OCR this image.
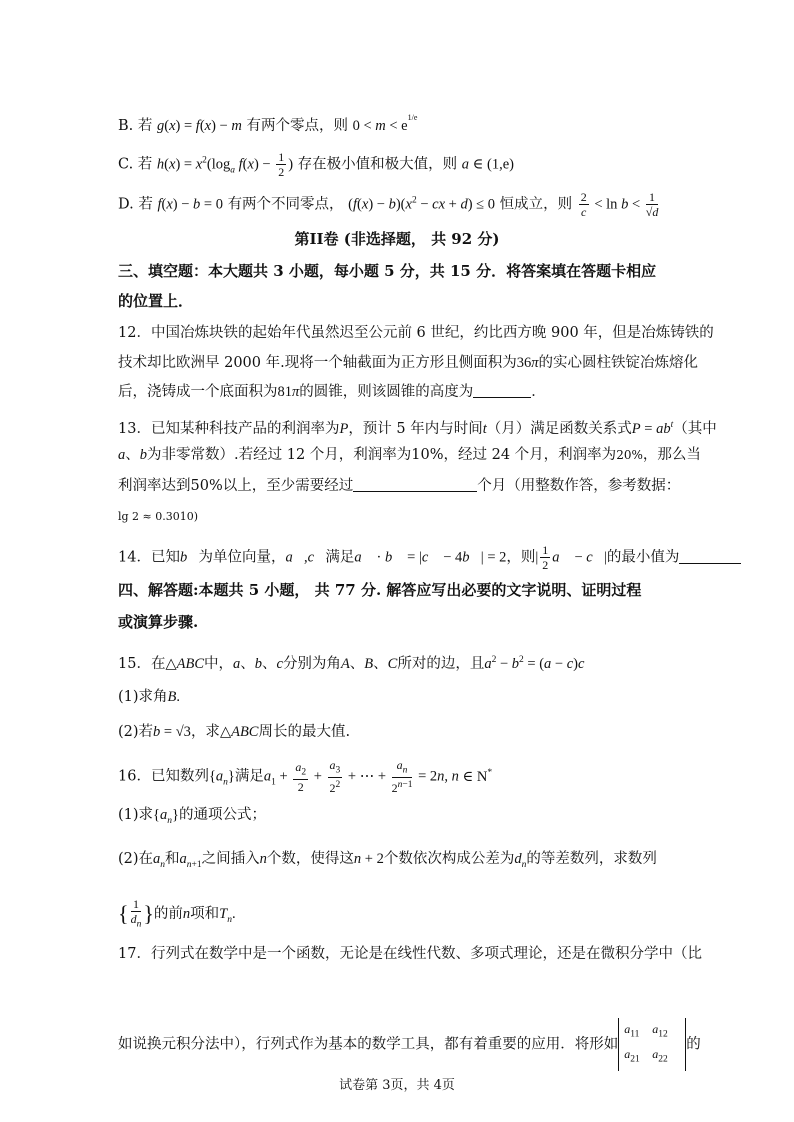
B. 若 g(x) = f(x) − m 有两个零点，则 $0 < m < e^{1/e}$
C. 若 $h(x) = x^2(\log_a$ $f(x) - \frac{1}{2}$ ) 存在极小值和极大值，则 a ∈ (1,e)
D. 若 f(x) − b = 0 有两个不同零点， $(f(x) - b)(x^2$ − cx + d) ≤ 0 恒成立，则 $\frac{2}{c} < \ln b < \frac{1}{√d}$
第II卷 (非选择题， 共 92 分)
三、填空题：本大题共 3 小题，每小题 5 分，共 15 分．将答案填在答题卡相应
的位置上．
12．中国冶炼块铁的起始年代虽然迟至公元前 6 世纪，约比西方晚 900 年，但是冶炼铸铁的
技术却比欧洲早 2000 年.现将一个轴截面为正方形且侧面积为36π的实心圆柱铁锭冶炼熔化
后，浇铸成一个底面积为81π的圆锥，则该圆锥的高度为	．
13．已知某种科技产品的利润率为P，预计 5 年内与时间t（月）满足函数关系式$P = ab^t$（其中
a、b为非零常数）.若经过 12 个月，利润率为10%，经过 24 个月，利润率为20%，那么当
利润率达到50%以上，至少需要经过	个月（用整数作答，参考数据：
lg 2 ≈ 0.3010)
14．已知b⃗为单位向量，a⃗,c⃗满足a⃗ · b⃗ = |c⃗ − 4b⃗| = 2，则| $\frac{1}{2}$ a⃗ − c⃗|的最小值为
四、解答题:本题共 5 小题， 共 77 分. 解答应写出必要的文字说明、证明过程
或演算步骤.
15．在△ABC中，a、b、c分别为角A、B、C所对的边，且$a^2 - b^2 = (a - c)c$
(1)求角B.
(2)若b = √3，求△ABC周长的最大值.
16．已知数列$\{a_n\}$满足$a_1 + \frac{a_2}{2} + \frac{a_3}{2^2}$ + ⋯ + $\frac{a_n}{2^{n-1}} = 2n$, n ∈ N*
(1)求$\{a_n\}$的通项公式；
(2)在$a_n$和$a_{n+1}$之间插入n个数，使得这n + 2个数依次构成公差为$d_n$的等差数列，求数列
{ $\frac{1}{d_n}$ }的前n项和$T_n$.
17．行列式在数学中是一个函数，无论是在线性代数、多项式理论，还是在微积分学中（比
如说换元积分法中），行列式作为基本的数学工具，都有着重要的应用．将形如$a_{11}$ $a_{12}$
$a_{21}$ $a_{22}$的
试卷第 3页，共 4页
